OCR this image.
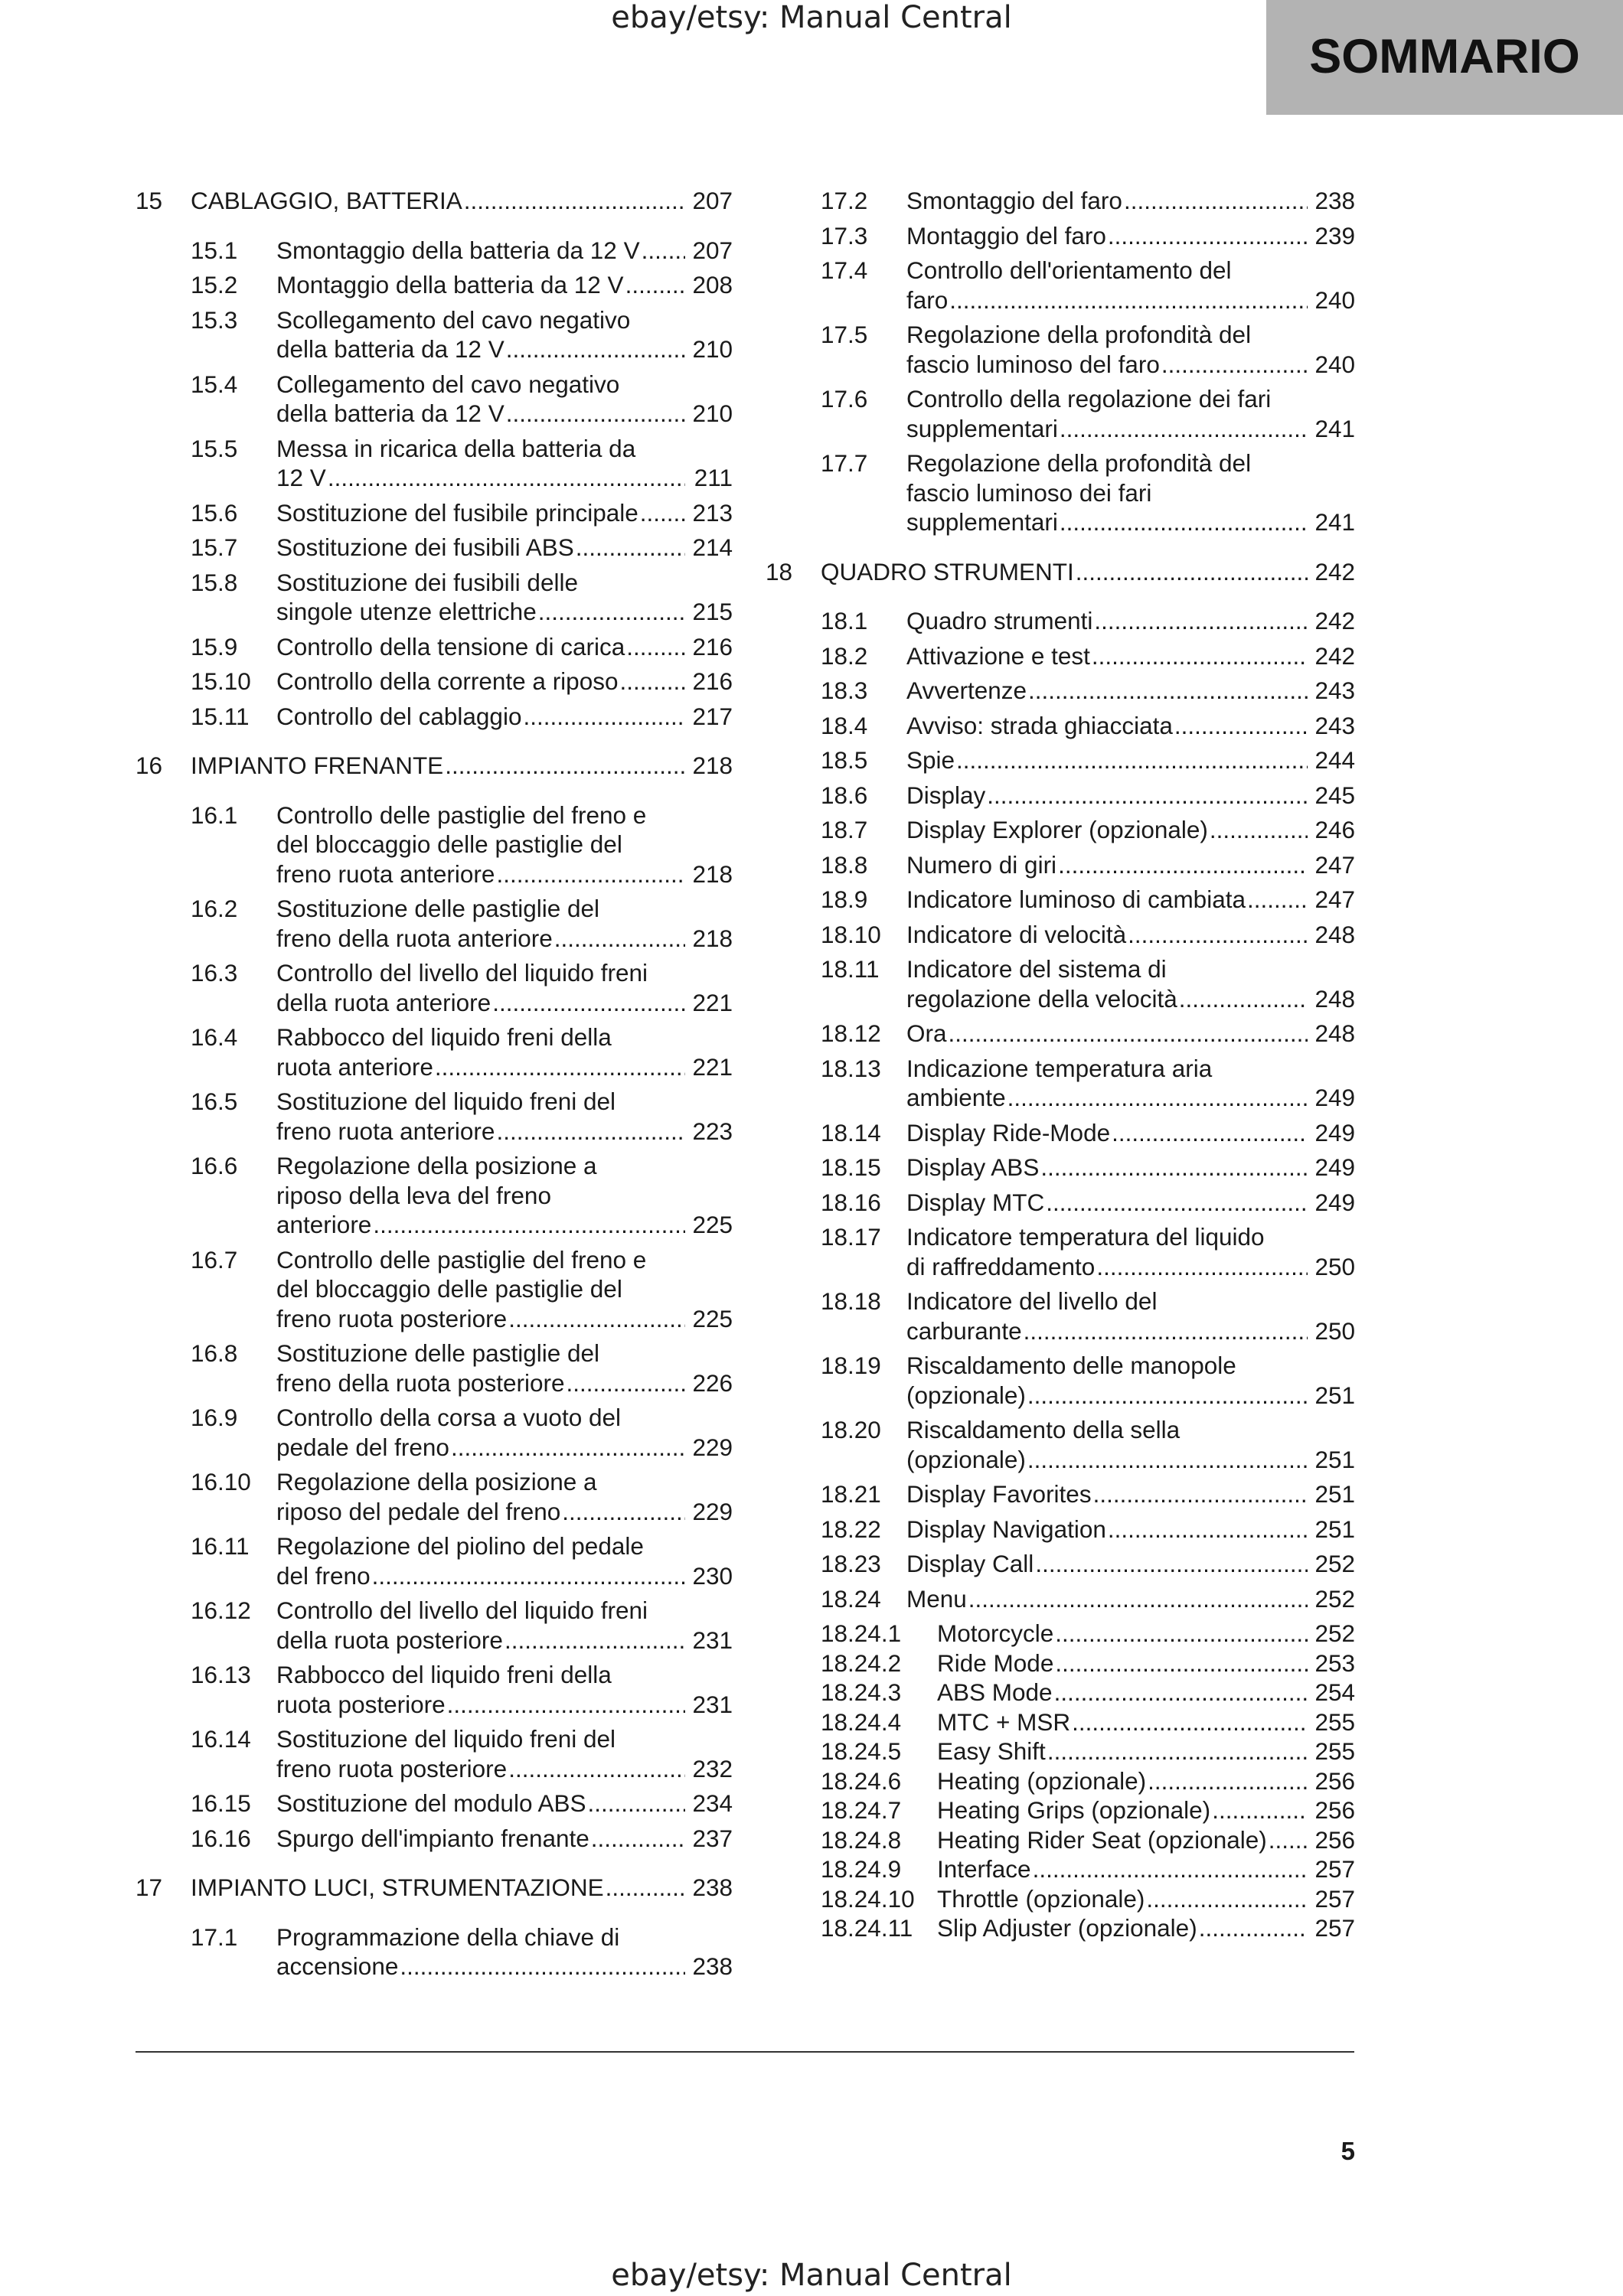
ebay/etsy: Manual Central
SOMMARIO
15	CABLAGGIO, BATTERIA .....	207
15.1	Smontaggio della batteria da 12 V ..... 207
15.2	Montaggio della batteria da 12 V .....	208
15.3	Scollegamento del cavo negativo
della batteria da 12 V .....	210
15.4	Collegamento del cavo negativo
della batteria da 12 V .....	210
15.5	Messa in ricarica della batteria da
12 V .....	211
15.6	Sostituzione del fusibile principale ..... 213
15.7	Sostituzione dei fusibili ABS .....	214
15.8	Sostituzione dei fusibili delle
singole utenze elettriche .....	215
15.9	Controllo della tensione di carica .....	216
15.10	Controllo della corrente a riposo .....	216
15.11	Controllo del cablaggio .....	217
16	IMPIANTO FRENANTE .....	218
16.1	Controllo delle pastiglie del freno e
del bloccaggio delle pastiglie del
freno ruota anteriore .....	218
16.2	Sostituzione delle pastiglie del
freno della ruota anteriore .....	218
16.3	Controllo del livello del liquido freni
della ruota anteriore .....	221
16.4	Rabbocco del liquido freni della
ruota anteriore .....	221
16.5	Sostituzione del liquido freni del
freno ruota anteriore .....	223
16.6	Regolazione della posizione a
riposo della leva del freno
anteriore .....	225
16.7	Controllo delle pastiglie del freno e
del bloccaggio delle pastiglie del
freno ruota posteriore .....	225
16.8	Sostituzione delle pastiglie del
freno della ruota posteriore .....	226
16.9	Controllo della corsa a vuoto del
pedale del freno .....	229
16.10	Regolazione della posizione a
riposo del pedale del freno .....	229
16.11	Regolazione del piolino del pedale
del freno .....	230
16.12	Controllo del livello del liquido freni
della ruota posteriore .....	231
16.13	Rabbocco del liquido freni della
ruota posteriore .....	231
16.14	Sostituzione del liquido freni del
freno ruota posteriore .....	232
16.15	Sostituzione del modulo ABS .....	234
16.16	Spurgo dell'impianto frenante .....	237
17	IMPIANTO LUCI, STRUMENTAZIONE .....	238
17.1	Programmazione della chiave di
accensione .....	238
17.2	Smontaggio del faro .....	238
17.3	Montaggio del faro .....	239
17.4	Controllo dell'orientamento del
faro .....	240
17.5	Regolazione della profondità del
fascio luminoso del faro .....	240
17.6	Controllo della regolazione dei fari
supplementari .....	241
17.7	Regolazione della profondità del
fascio luminoso dei fari
supplementari .....	241
18	QUADRO STRUMENTI .....	242
18.1	Quadro strumenti .....	242
18.2	Attivazione e test .....	242
18.3	Avvertenze .....	243
18.4	Avviso: strada ghiacciata .....	243
18.5	Spie .....	244
18.6	Display .....	245
18.7	Display Explorer (opzionale) .....	246
18.8	Numero di giri .....	247
18.9	Indicatore luminoso di cambiata .....	247
18.10	Indicatore di velocità .....	248
18.11	Indicatore del sistema di
regolazione della velocità .....	248
18.12	Ora .....	248
18.13	Indicazione temperatura aria
ambiente .....	249
18.14	Display Ride-Mode .....	249
18.15	Display ABS .....	249
18.16	Display MTC .....	249
18.17	Indicatore temperatura del liquido
di raffreddamento .....	250
18.18	Indicatore del livello del
carburante .....	250
18.19	Riscaldamento delle manopole
(opzionale) .....	251
18.20	Riscaldamento della sella
(opzionale) .....	251
18.21	Display Favorites .....	251
18.22	Display Navigation .....	251
18.23	Display Call .....	252
18.24	Menu .....	252
18.24.1	Motorcycle .....	252
18.24.2	Ride Mode .....	253
18.24.3	ABS Mode .....	254
18.24.4	MTC + MSR .....	255
18.24.5	Easy Shift .....	255
18.24.6	Heating (opzionale) .....	256
18.24.7	Heating Grips (opzionale) .....	256
18.24.8	Heating Rider Seat (opzionale) ..... 256
18.24.9	Interface .....	257
18.24.10 Throttle (opzionale) .....	257
18.24.11	Slip Adjuster (opzionale) .....	257
5
ebay/etsy: Manual Central
